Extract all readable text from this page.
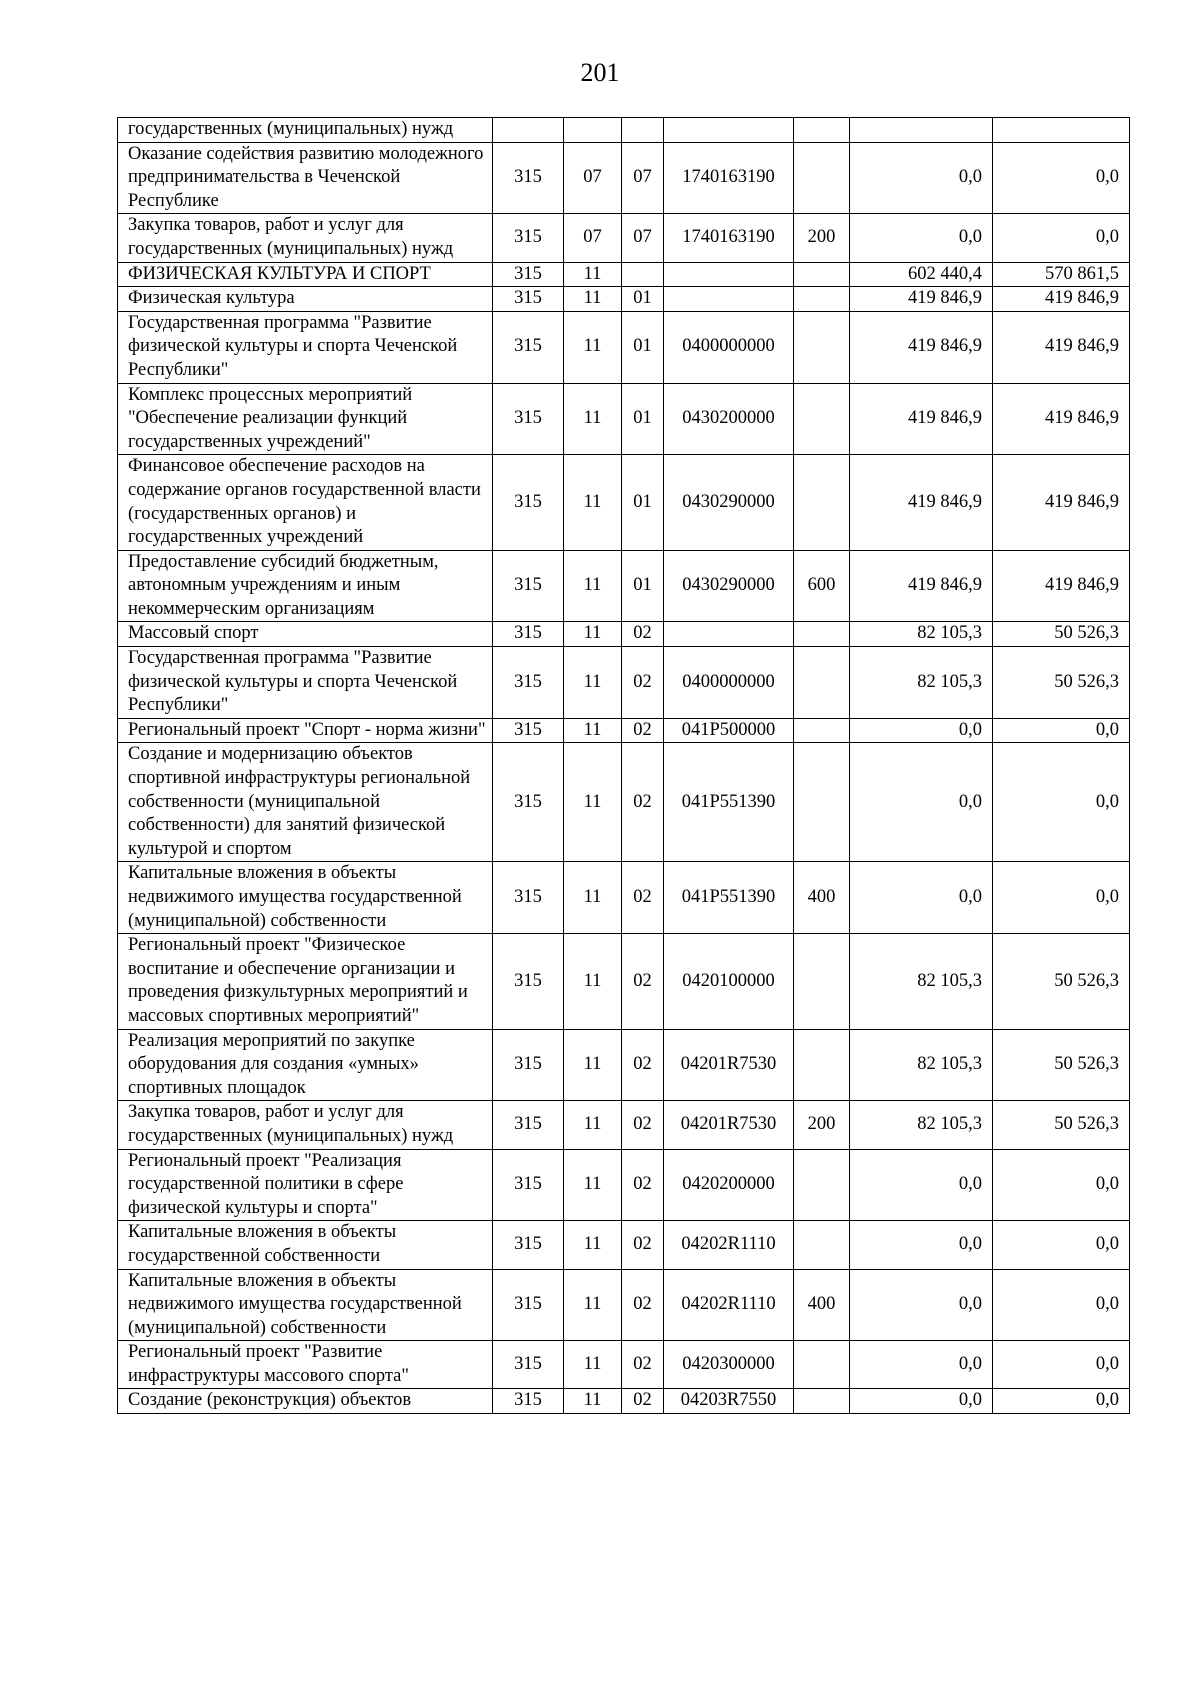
201
государственных (муниципальных) нужд							
Оказание содействия развитию молодежного предпринимательства в Чеченской Республике	315	07	07	1740163190		0,0	0,0
Закупка товаров, работ и услуг для государственных (муниципальных) нужд	315	07	07	1740163190	200	0,0	0,0
ФИЗИЧЕСКАЯ КУЛЬТУРА И СПОРТ	315	11				602 440,4	570 861,5
Физическая культура	315	11	01			419 846,9	419 846,9
Государственная программа "Развитие физической культуры и спорта Чеченской Республики"	315	11	01	0400000000		419 846,9	419 846,9
Комплекс процессных мероприятий "Обеспечение реализации функций государственных учреждений"	315	11	01	0430200000		419 846,9	419 846,9
Финансовое обеспечение расходов на содержание органов государственной власти (государственных органов) и государственных учреждений	315	11	01	0430290000		419 846,9	419 846,9
Предоставление субсидий бюджетным, автономным учреждениям и иным некоммерческим организациям	315	11	01	0430290000	600	419 846,9	419 846,9
Массовый спорт	315	11	02			82 105,3	50 526,3
Государственная программа "Развитие физической культуры и спорта Чеченской Республики"	315	11	02	0400000000		82 105,3	50 526,3
Региональный проект "Спорт - норма жизни"	315	11	02	041P500000		0,0	0,0
Создание и модернизацию объектов спортивной инфраструктуры региональной собственности (муниципальной собственности) для занятий физической культурой и спортом	315	11	02	041P551390		0,0	0,0
Капитальные вложения в объекты недвижимого имущества государственной (муниципальной) собственности	315	11	02	041P551390	400	0,0	0,0
Региональный проект "Физическое воспитание и обеспечение организации и проведения физкультурных мероприятий и массовых спортивных мероприятий"	315	11	02	0420100000		82 105,3	50 526,3
Реализация мероприятий по закупке оборудования для создания «умных» спортивных площадок	315	11	02	04201R7530		82 105,3	50 526,3
Закупка товаров, работ и услуг для государственных (муниципальных) нужд	315	11	02	04201R7530	200	82 105,3	50 526,3
Региональный проект "Реализация государственной политики в сфере физической культуры и спорта"	315	11	02	0420200000		0,0	0,0
Капитальные вложения в объекты государственной собственности	315	11	02	04202R1110		0,0	0,0
Капитальные вложения в объекты недвижимого имущества государственной (муниципальной) собственности	315	11	02	04202R1110	400	0,0	0,0
Региональный проект "Развитие инфраструктуры массового спорта"	315	11	02	0420300000		0,0	0,0
Создание (реконструкция) объектов	315	11	02	04203R7550		0,0	0,0
